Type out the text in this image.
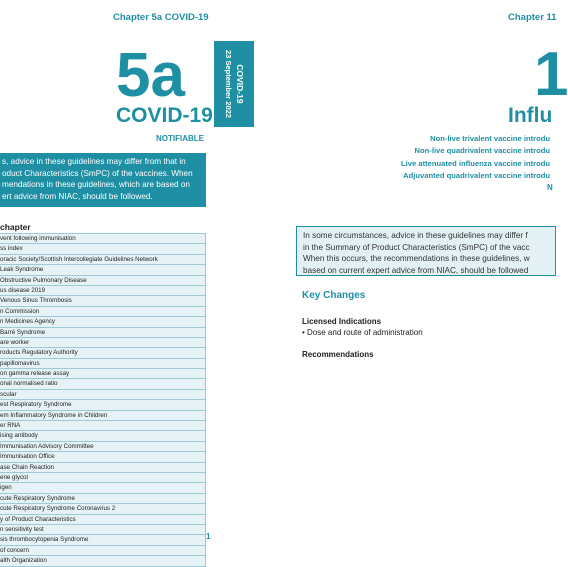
Chapter 5a COVID-19
5a
COVID-19
COVID-19
23 September 2022
NOTIFIABLE
s, advice in these guidelines may differ from that in
oduct Characteristics (SmPC) of the vaccines. When
mendations in these guidelines, which are based on
ert advice from NIAC, should be followed.
chapter
vent following immunisation
ss index
oracic Society/Scottish Intercollegiate Guidelines Network
Leak Syndrome
Obstructive Pulmonary Disease
us disease 2019
Venous Sinus Thrombosis
n Commission
n Medicines Agency
Barré Syndrome
are worker
roducts Regulatory Authority
papillomavirus
on gamma release assay
onal normalised ratio
scular
est Respiratory Syndrome
em Inflammatory Syndrome in Children
er RNA
ising antibody
Immunisation Advisory Committee
Immunisation Office
ase Chain Reaction
ene glycol
igen
cute Respiratory Syndrome
cute Respiratory Syndrome Coronavirus 2
y of Product Characteristics
n sensitivity test
sis thrombocytopenia Syndrome
of concern
alth Organization
1
Chapter 11
1
Influ
Non-live trivalent vaccine introdu
Non-live quadrivalent vaccine introdu
Live attenuated influenza vaccine introdu
Adjuvanted quadrivalent vaccine introdu
N
In some circumstances, advice in these guidelines may differ f
in the Summary of Product Characteristics (SmPC) of the vacc
When this occurs, the recommendations in these guidelines, w
based on current expert advice from NIAC, should be followed
Key Changes
Licensed Indications
• Dose and route of administration
Recommendations
